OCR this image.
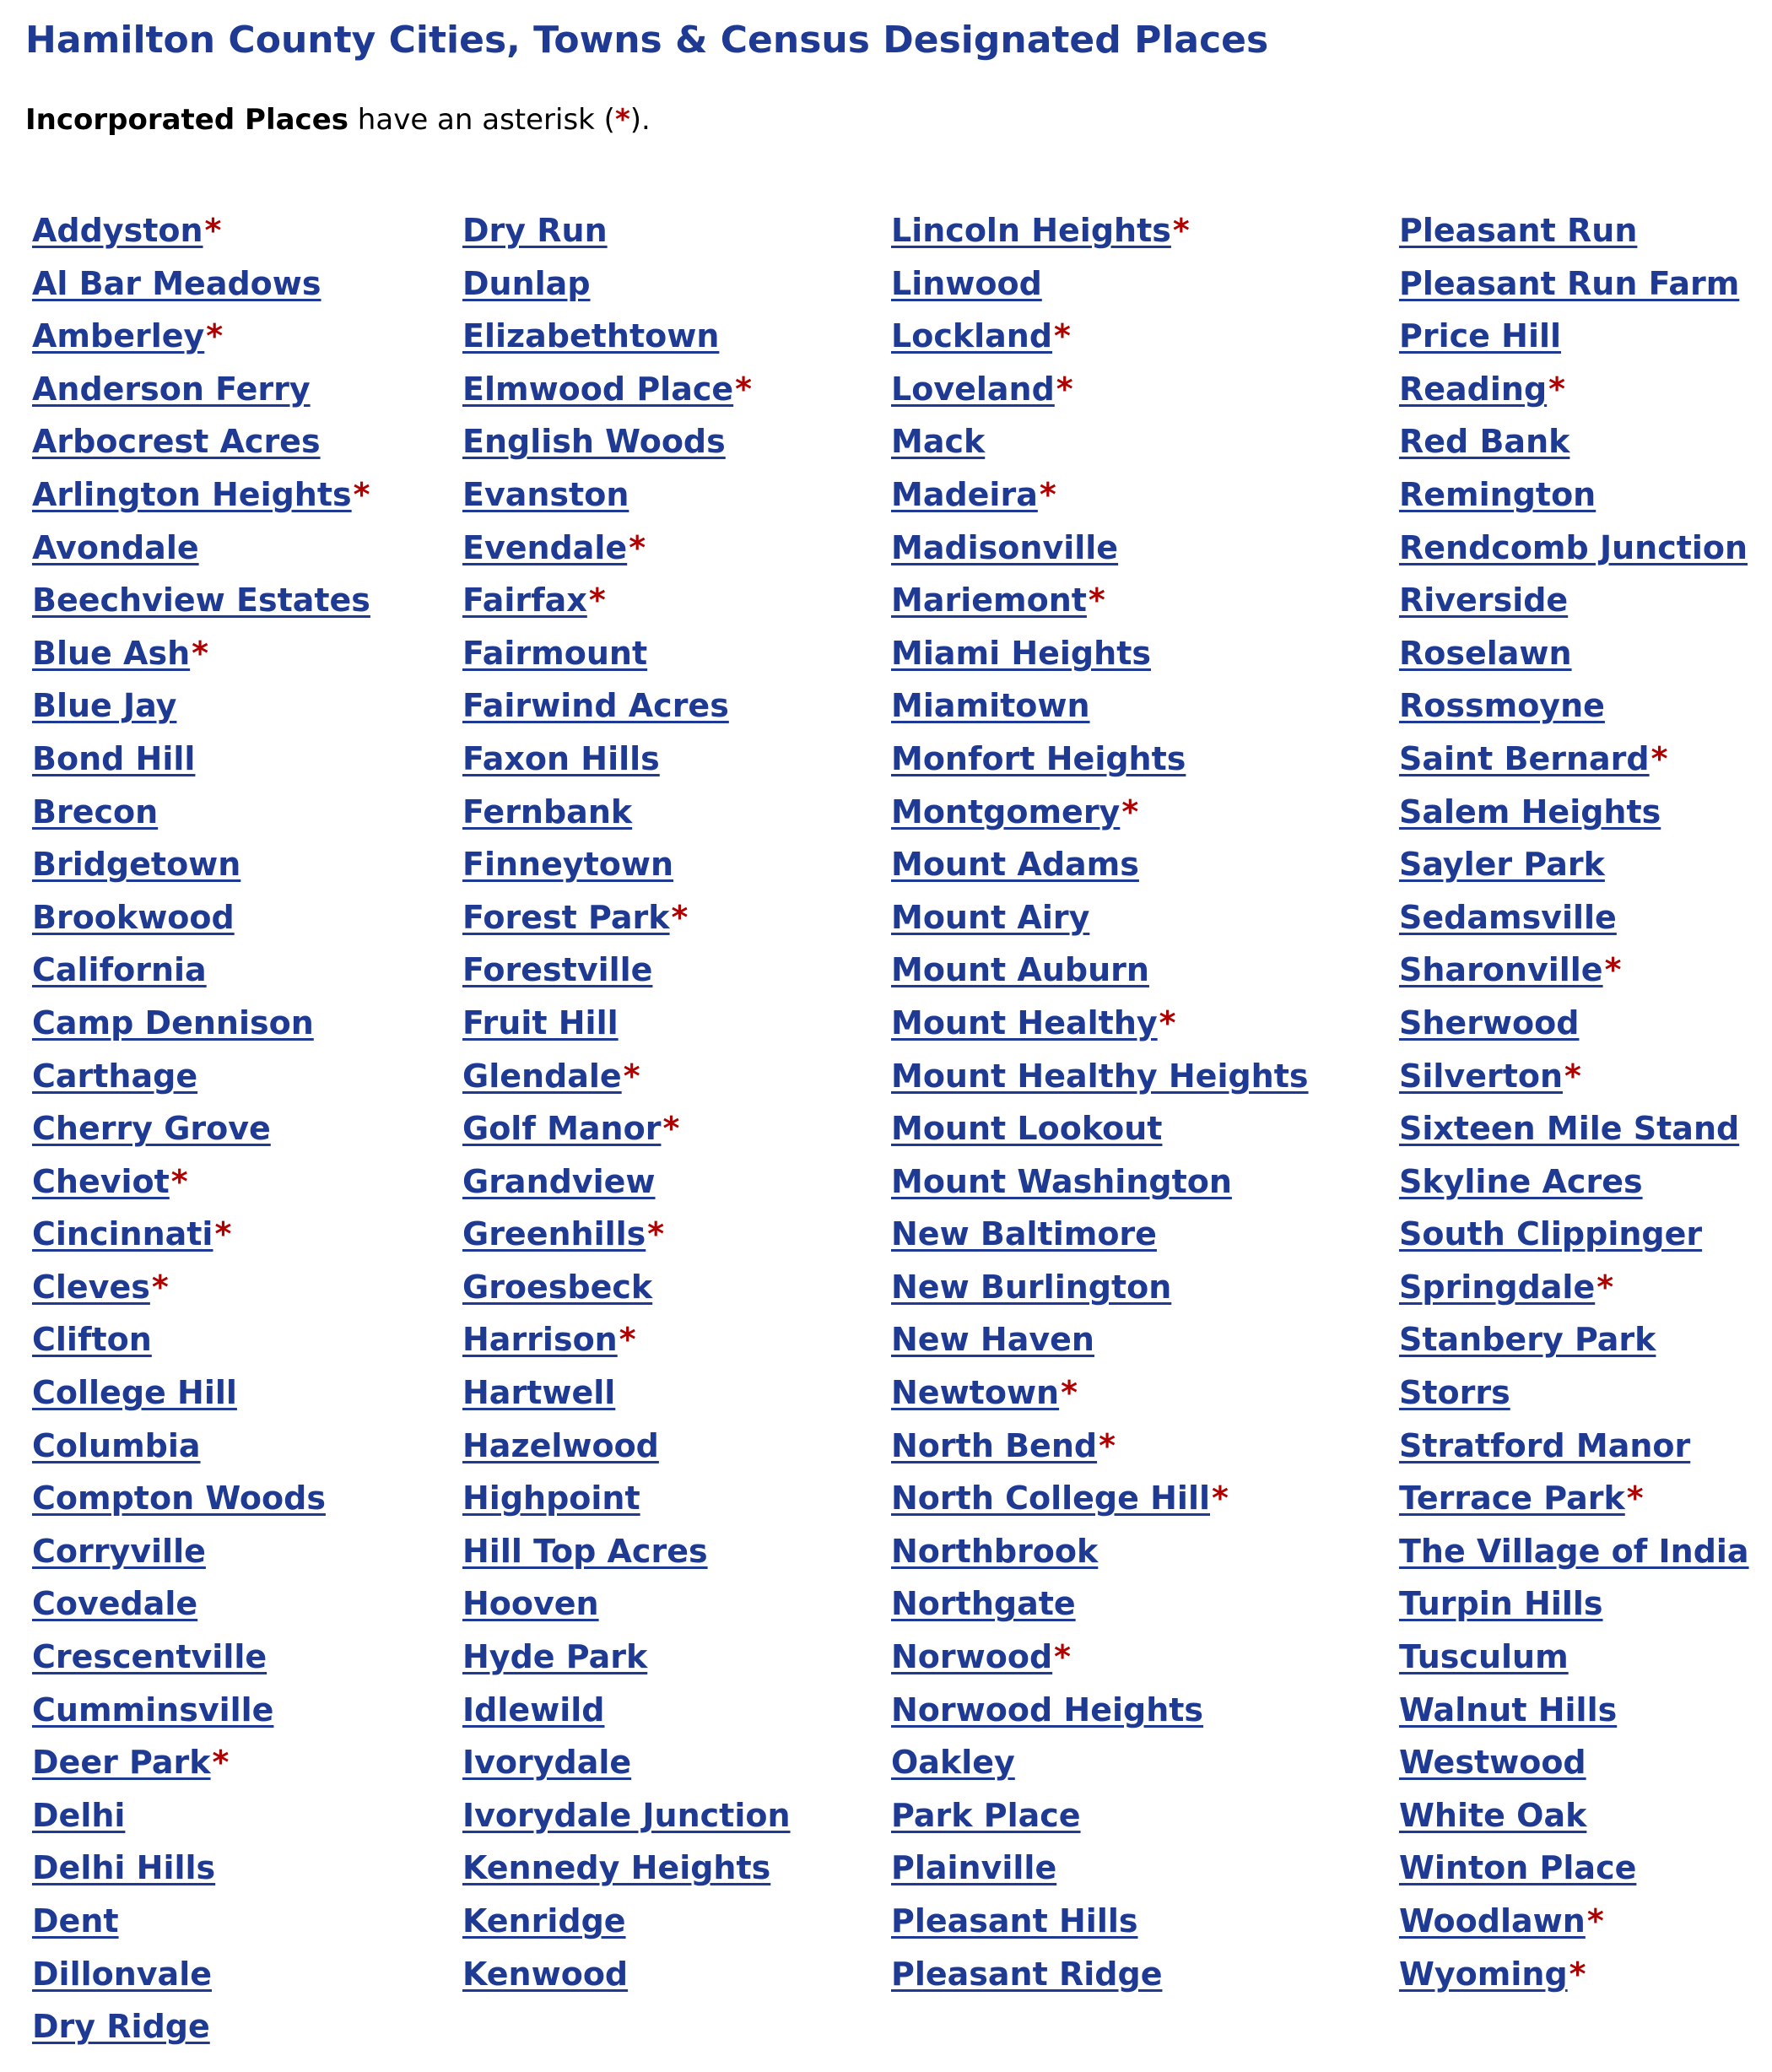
Hamilton County Cities, Towns & Census Designated Places

Incorporated Places have an asterisk (*).

Addyston*
Al Bar Meadows
Amberley*
Anderson Ferry
Arbocrest Acres
Arlington Heights*
Avondale
Beechview Estates
Blue Ash*
Blue Jay
Bond Hill
Brecon
Bridgetown
Brookwood
California
Camp Dennison
Carthage
Cherry Grove
Cheviot*
Cincinnati*
Cleves*
Clifton
College Hill
Columbia
Compton Woods
Corryville
Covedale
Crescentville
Cumminsville
Deer Park*
Delhi
Delhi Hills
Dent
Dillonvale
Dry Ridge
Dry Run
Dunlap
Elizabethtown
Elmwood Place*
English Woods
Evanston
Evendale*
Fairfax*
Fairmount
Fairwind Acres
Faxon Hills
Fernbank
Finneytown
Forest Park*
Forestville
Fruit Hill
Glendale*
Golf Manor*
Grandview
Greenhills*
Groesbeck
Harrison*
Hartwell
Hazelwood
Highpoint
Hill Top Acres
Hooven
Hyde Park
Idlewild
Ivorydale
Ivorydale Junction
Kennedy Heights
Kenridge
Kenwood
Lincoln Heights*
Linwood
Lockland*
Loveland*
Mack
Madeira*
Madisonville
Mariemont*
Miami Heights
Miamitown
Monfort Heights
Montgomery*
Mount Adams
Mount Airy
Mount Auburn
Mount Healthy*
Mount Healthy Heights
Mount Lookout
Mount Washington
New Baltimore
New Burlington
New Haven
Newtown*
North Bend*
North College Hill*
Northbrook
Northgate
Norwood*
Norwood Heights
Oakley
Park Place
Plainville
Pleasant Hills
Pleasant Ridge
Pleasant Run
Pleasant Run Farm
Price Hill
Reading*
Red Bank
Remington
Rendcomb Junction
Riverside
Roselawn
Rossmoyne
Saint Bernard*
Salem Heights
Sayler Park
Sedamsville
Sharonville*
Sherwood
Silverton*
Sixteen Mile Stand
Skyline Acres
South Clippinger
Springdale*
Stanbery Park
Storrs
Stratford Manor
Terrace Park*
The Village of India
Turpin Hills
Tusculum
Walnut Hills
Westwood
White Oak
Winton Place
Woodlawn*
Wyoming*
